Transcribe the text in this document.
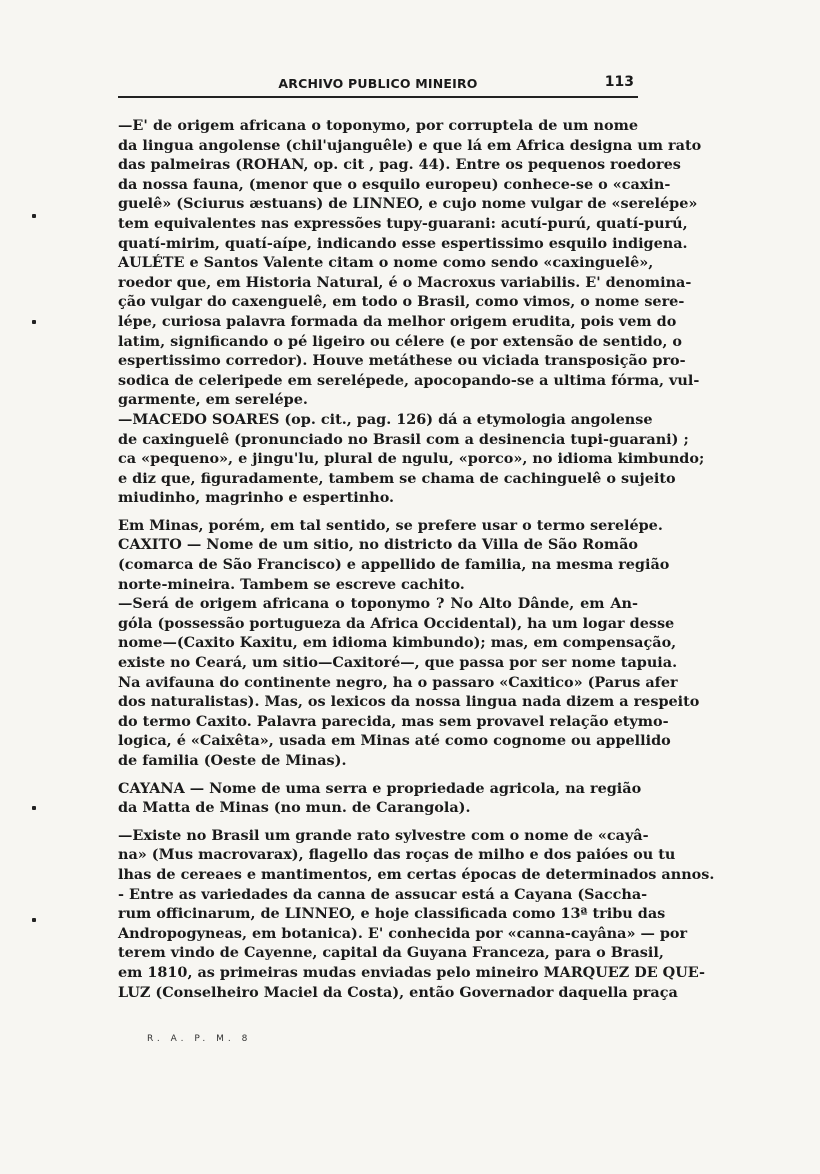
ARCHIVO PUBLICO MINEIRO	113
—E' de origem africana o toponymo, por corruptela de um nome
da lingua angolense (chil'ujanguêle) e que lá em Africa designa um rato
das palmeiras (ROHAN, op. cit , pag. 44). Entre os pequenos roedores
da nossa fauna, (menor que o esquilo europeu) conhece-se o «caxin-
guelê» (Sciurus æstuans) de LINNEO, e cujo nome vulgar de «serelépe»
tem equivalentes nas expressões tupy-guarani: acutí-purú, quatí-purú,
quatí-mirim, quatí-aípe, indicando esse espertissimo esquilo indigena.
AULÉTE e Santos Valente citam o nome como sendo «caxinguelê»,
roedor que, em Historia Natural, é o Macroxus variabilis. E' denomina-
ção vulgar do caxenguelê, em todo o Brasil, como vimos, o nome sere-
lépe, curiosa palavra formada da melhor origem erudita, pois vem do
latim, significando o pé ligeiro ou célere (e por extensão de sentido, o
espertissimo corredor). Houve metáthese ou viciada transposição pro-
sodica de celeripede em serelépede, apocopando-se a ultima fórma, vul-
garmente, em serelépe.
—MACEDO SOARES (op. cit., pag. 126) dá a etymologia angolense
de caxinguelê (pronunciado no Brasil com a desinencia tupi-guarani) ;
ca «pequeno», e jingu'lu, plural de ngulu, «porco», no idioma kimbundo;
e diz que, figuradamente, tambem se chama de cachinguelê o sujeito
miudinho, magrinho e espertinho.
Em Minas, porém, em tal sentido, se prefere usar o termo serelépe.
CAXITO — Nome de um sitio, no districto da Villa de São Romão
(comarca de São Francisco) e appellido de familia, na mesma região
norte-mineira. Tambem se escreve cachito.
—Será de origem africana o toponymo ? No Alto Dânde, em An-
góla (possessão portugueza da Africa Occidental), ha um logar desse
nome—(Caxito Kaxitu, em idioma kimbundo); mas, em compensação,
existe no Ceará, um sitio—Caxitoré—, que passa por ser nome tapuia.
Na avifauna do continente negro, ha o passaro «Caxitico» (Parus afer
dos naturalistas). Mas, os lexicos da nossa lingua nada dizem a respeito
do termo Caxito. Palavra parecida, mas sem provavel relação etymo-
logica, é «Caixêta», usada em Minas até como cognome ou appellido
de familia (Oeste de Minas).
CAYANA — Nome de uma serra e propriedade agricola, na região
da Matta de Minas (no mun. de Carangola).
—Existe no Brasil um grande rato sylvestre com o nome de «cayâ-
na» (Mus macrovarax), flagello das roças de milho e dos paióes ou tu
lhas de cereaes e mantimentos, em certas épocas de determinados annos.
- Entre as variedades da canna de assucar está a Cayana (Saccha-
rum officinarum, de LINNEO, e hoje classificada como 13ª tribu das
Andropogyneas, em botanica). E' conhecida por «canna-cayâna» — por
terem vindo de Cayenne, capital da Guyana Franceza, para o Brasil,
em 1810, as primeiras mudas enviadas pelo mineiro MARQUEZ DE QUE-
LUZ (Conselheiro Maciel da Costa), então Governador daquella praça
R. A. P. M. 8
